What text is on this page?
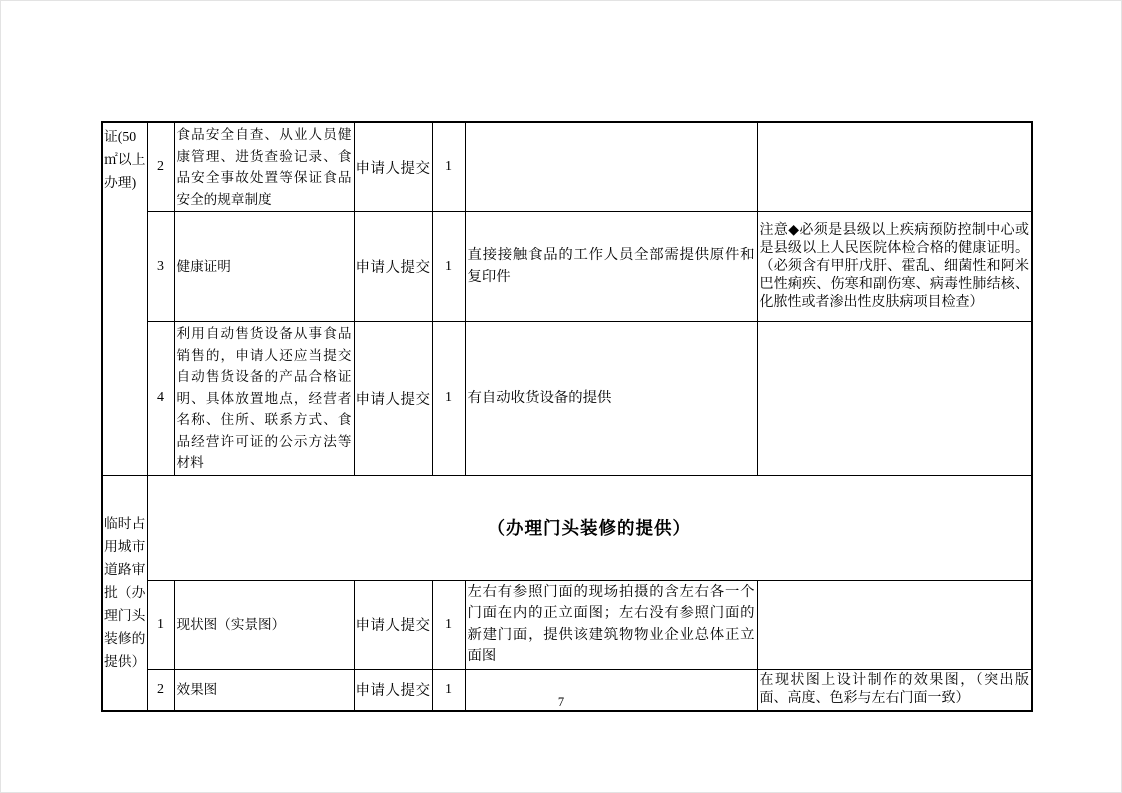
证(50㎡以上办理)	2	食品安全自查、从业人员健康管理、进货查验记录、食品安全事故处置等保证食品安全的规章制度	申请人提交	1		
	3	健康证明	申请人提交	1	直接接触食品的工作人员全部需提供原件和复印件	注意◆必须是县级以上疾病预防控制中心或是县级以上人民医院体检合格的健康证明。（必须含有甲肝戊肝、霍乱、细菌性和阿米巴性痢疾、伤寒和副伤寒、病毒性肺结核、化脓性或者渗出性皮肤病项目检查）
	4	利用自动售货设备从事食品销售的，申请人还应当提交自动售货设备的产品合格证明、具体放置地点，经营者名称、住所、联系方式、食品经营许可证的公示方法等材料	申请人提交	1	有自动收货设备的提供	
临时占用城市道路审批（办理门头装修的提供）	（办理门头装修的提供）					
	1	现状图（实景图）	申请人提交	1	左右有参照门面的现场拍摄的含左右各一个门面在内的正立面图；左右没有参照门面的新建门面，提供该建筑物物业企业总体正立面图	
	2	效果图	申请人提交	1		在现状图上设计制作的效果图，（突出版面、高度、色彩与左右门面一致）
7
